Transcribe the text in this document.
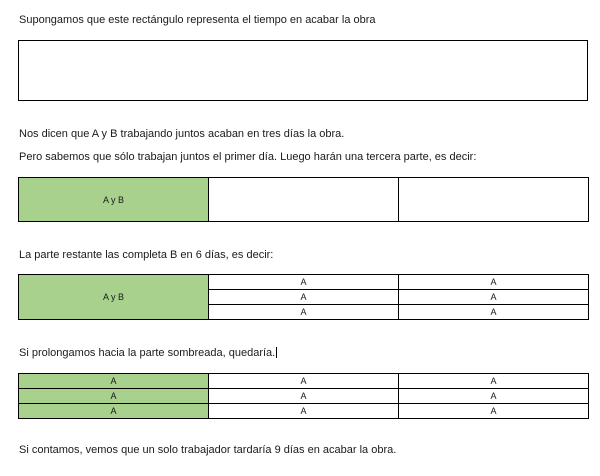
Supongamos que este rectángulo representa el tiempo en acabar la obra
Nos dicen que A y B trabajando juntos acaban en tres días la obra.
Pero sabemos que sólo trabajan juntos el primer día. Luego harán una tercera parte, es decir:
A y B		
La parte restante las completa B en 6 días, es decir:
A y B	A	A
	A	A
	A	A
Si prolongamos hacia la parte sombreada, quedaría.
A	A	A
A	A	A
A	A	A
Si contamos, vemos que un solo trabajador tardaría 9 días en acabar la obra.
